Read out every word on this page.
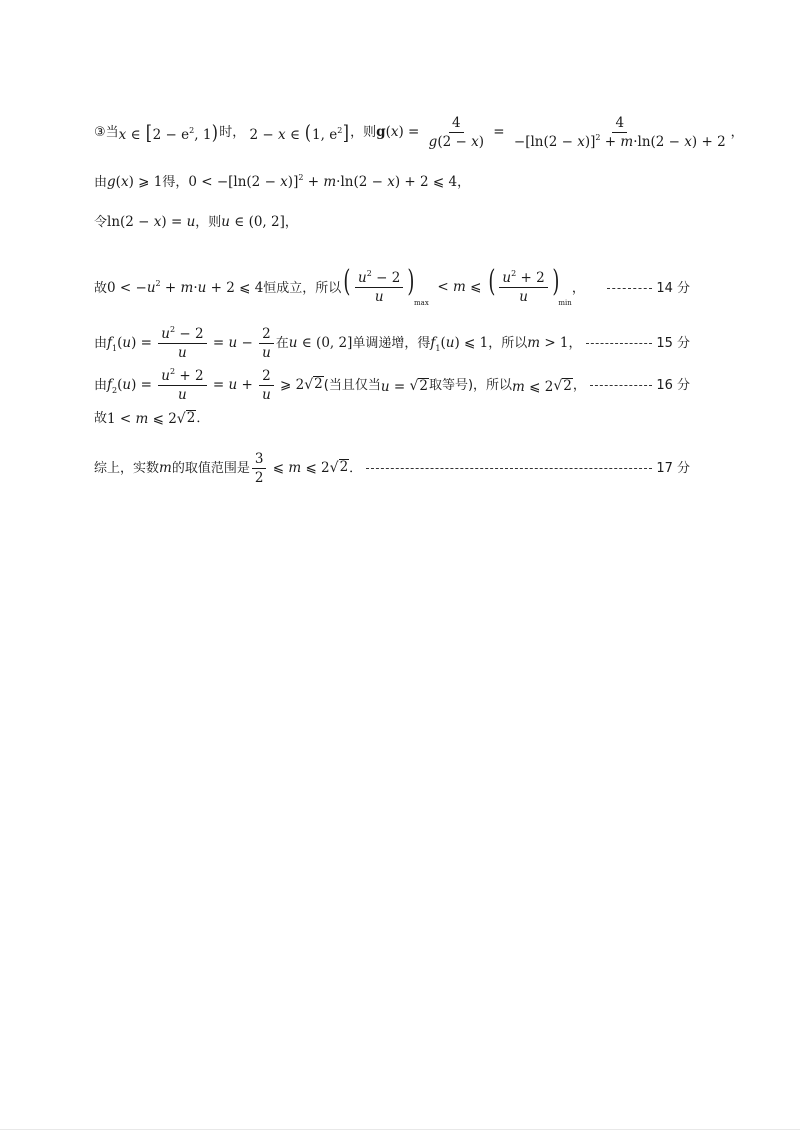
③当 x ∈ [$2 - e^2$, 1) 时， 2 − x ∈ (1, $e^2$] ，则 $g(x) = \frac{4}{g(2 - x)} = \frac{4}{-[\ln(2 - x)]^2 + m\cdot\ln(2 - x) + 2}$ ，
由 g(x) ⩾ 1 得， $0 < -[\ln(2 - x)]^2 + m\cdot\ln(2 - x) + 2$ ⩽ 4 ，
令 ln(2 − x) = u ，则 u ∈ (0, 2] ，
故 $0 < -u^2 + m\cdot u + 2$ ⩽ 4 恒成立，所以 ( $\frac{u^2 - 2}{u} )\max < m$ ⩽ ( $\frac{u^2 + 2}{u} )\min$
，	14 分
由 $f_1(u) = \frac{u^2 - 2}{u} = u - \frac{2}{u}$ 在 u ∈ (0, 2] 单调递增，得 $f_1(u)$ ⩽ 1 ，所以 m > 1 ，	15 分
由 $f_2(u) = \frac{u^2 + 2}{u} = u + \frac{2}{u}$ ⩾ 2 √ 2 (当且仅当 u = √ 2 取等号)，所以 m ⩽ 2 √ 2 ，	16 分
故 1 < m ⩽ 2 √ 2 ．
综上，实数 m 的取值范围是 $\frac{3}{2}$ ⩽ m ⩽ 2 √ 2 ．	17 分
